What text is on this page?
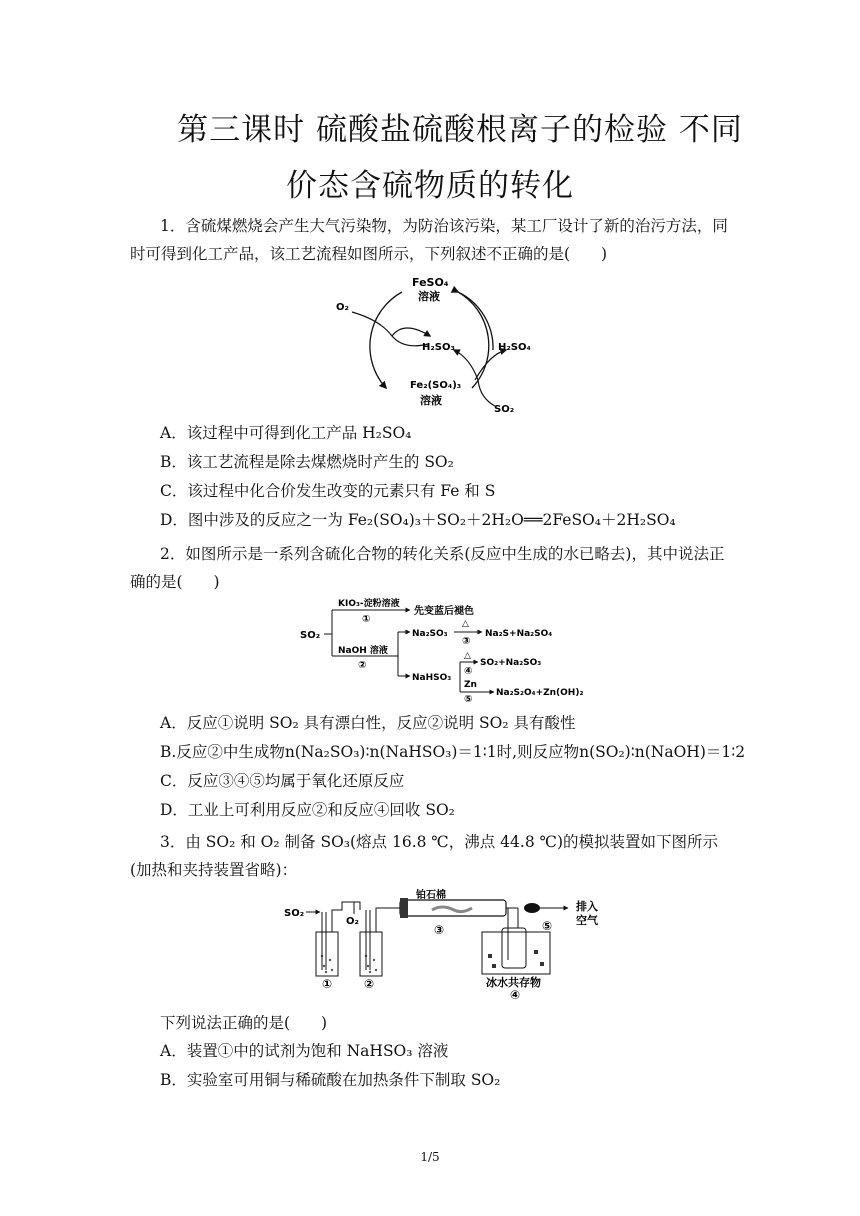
第三课时 硫酸盐硫酸根离子的检验 不同
价态含硫物质的转化
1．含硫煤燃烧会产生大气污染物，为防治该污染，某工厂设计了新的治污方法，同时可得到化工产品，该工艺流程如图所示，下列叙述不正确的是(　　)
FeSO₄
溶液
O₂
H₂SO₃	H₂SO₄
Fe₂(SO₄)₃
溶液
SO₂
A．该过程中可得到化工产品 H₂SO₄
B．该工艺流程是除去煤燃烧时产生的 SO₂
C．该过程中化合价发生改变的元素只有 Fe 和 S
D．图中涉及的反应之一为 Fe₂(SO₄)₃＋SO₂＋2H₂O══2FeSO₄＋2H₂SO₄
2．如图所示是一系列含硫化合物的转化关系(反应中生成的水已略去)，其中说法正确的是(　　)
SO₂
KIO₃-淀粉溶液
①
先变蓝后褪色
NaOH 溶液
②
Na₂SO₃
△
③
Na₂S+Na₂SO₄
NaHSO₃
△
④
SO₂+Na₂SO₃
Zn
⑤
Na₂S₂O₄+Zn(OH)₂
A．反应①说明 SO₂ 具有漂白性，反应②说明 SO₂ 具有酸性
B.反应②中生成物n(Na₂SO₃)∶n(NaHSO₃)＝1∶1时,则反应物n(SO₂)∶n(NaOH)＝1∶2
C．反应③④⑤均属于氧化还原反应
D．工业上可利用反应②和反应④回收 SO₂
3．由 SO₂ 和 O₂ 制备 SO₃(熔点 16.8 ℃，沸点 44.8 ℃)的模拟装置如下图所示(加热和夹持装置省略)：
SO₂
O₂
铂石棉
①	②
③	⑤
排入
空气
冰水共存物
④
下列说法正确的是(　　)
A．装置①中的试剂为饱和 NaHSO₃ 溶液
B．实验室可用铜与稀硫酸在加热条件下制取 SO₂
1/5
